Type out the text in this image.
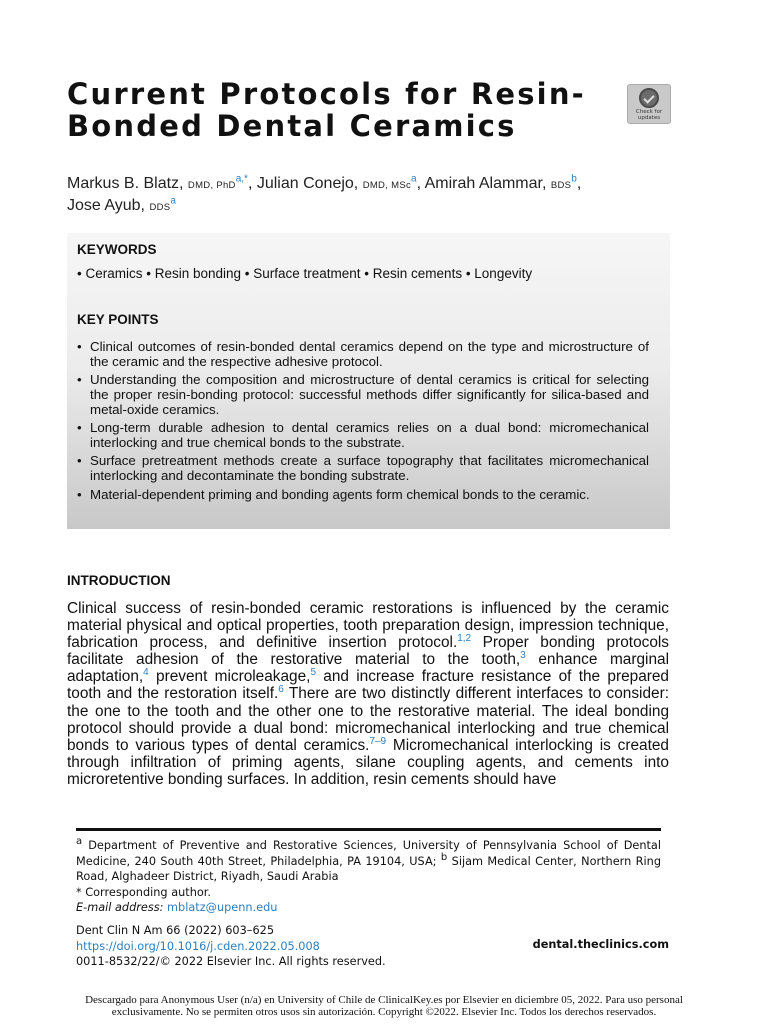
Current Protocols for Resin-Bonded Dental Ceramics	Check for updates
Markus B. Blatz, DMD, PhD$^{a,*}$, Julian Conejo, DMD, MSc$^a$, Amirah Alammar, BDS$^b$,
Jose Ayub, DDS$^a$
KEYWORDS
• Ceramics • Resin bonding • Surface treatment • Resin cements • Longevity
KEY POINTS
• Clinical outcomes of resin-bonded dental ceramics depend on the type and microstructure of the ceramic and the respective adhesive protocol.
• Understanding the composition and microstructure of dental ceramics is critical for selecting the proper resin-bonding protocol: successful methods differ significantly for silica-based and metal-oxide ceramics.
• Long-term durable adhesion to dental ceramics relies on a dual bond: micromechanical interlocking and true chemical bonds to the substrate.
• Surface pretreatment methods create a surface topography that facilitates micromechanical interlocking and decontaminate the bonding substrate.
• Material-dependent priming and bonding agents form chemical bonds to the ceramic.
INTRODUCTION
Clinical success of resin-bonded ceramic restorations is influenced by the ceramic material physical and optical properties, tooth preparation design, impression technique, fabrication process, and definitive insertion protocol.$^{1,2}$ Proper bonding protocols facilitate adhesion of the restorative material to the tooth,$^3$ enhance marginal adaptation,$^4$ prevent microleakage,$^5$ and increase fracture resistance of the prepared tooth and the restoration itself.$^6$ There are two distinctly different interfaces to consider: the one to the tooth and the other one to the restorative material. The ideal bonding protocol should provide a dual bond: micromechanical interlocking and true chemical bonds to various types of dental ceramics.$^{7-9}$ Micromechanical interlocking is created through infiltration of priming agents, silane coupling agents, and cements into microretentive bonding surfaces. In addition, resin cements should have
a Department of Preventive and Restorative Sciences, University of Pennsylvania School of Dental Medicine, 240 South 40th Street, Philadelphia, PA 19104, USA; b Sijam Medical Center, Northern Ring Road, Alghadeer District, Riyadh, Saudi Arabia
* Corresponding author.
E-mail address: mblatz@upenn.edu
Dent Clin N Am 66 (2022) 603–625
https://doi.org/10.1016/j.cden.2022.05.008
0011-8532/22/© 2022 Elsevier Inc. All rights reserved.
dental.theclinics.com
Descargado para Anonymous User (n/a) en University of Chile de ClinicalKey.es por Elsevier en diciembre 05, 2022. Para uso personal
exclusivamente. No se permiten otros usos sin autorización. Copyright ©2022. Elsevier Inc. Todos los derechos reservados.
